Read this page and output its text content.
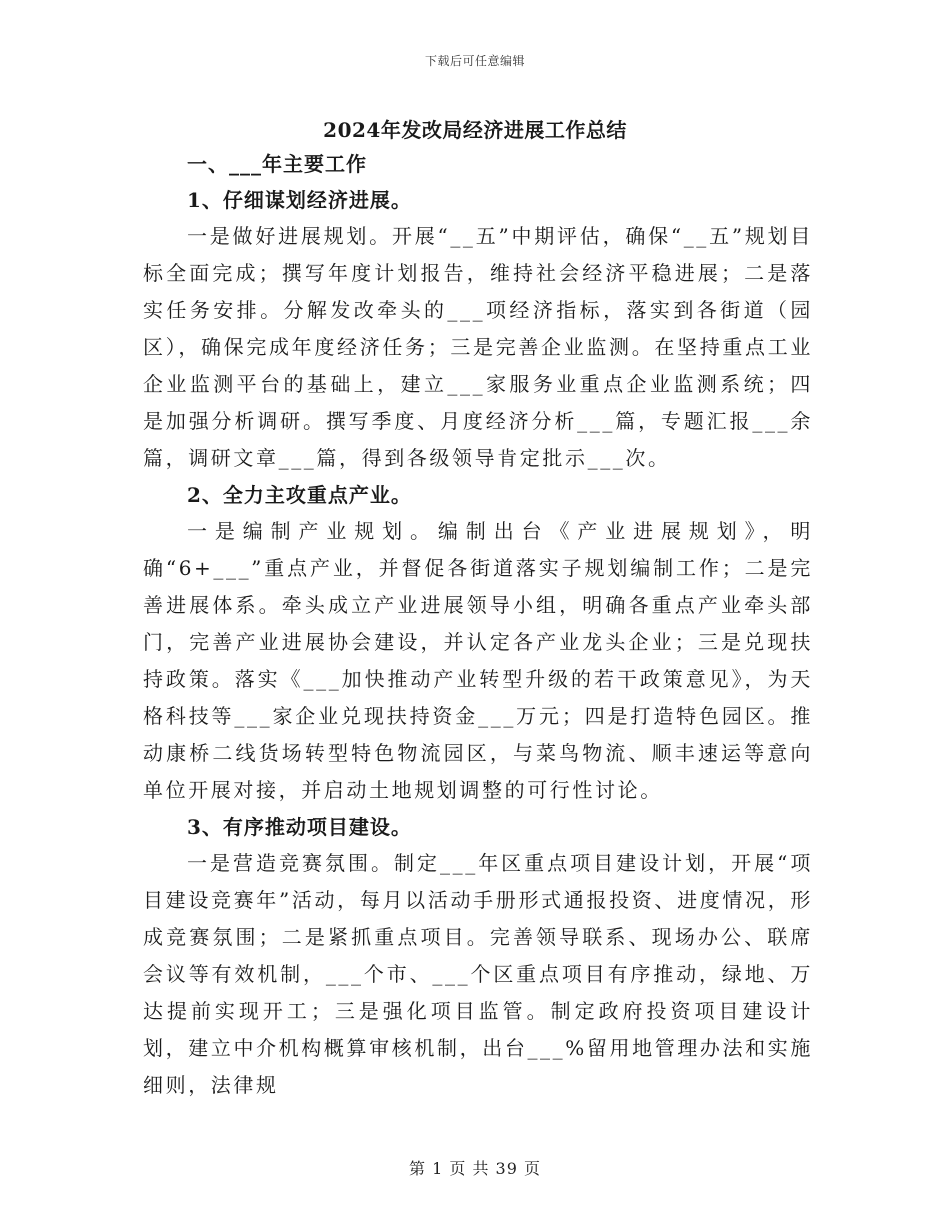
下载后可任意编辑
2024年发改局经济进展工作总结

一、___年主要工作

1、仔细谋划经济进展。

一是做好进展规划。开展“__五”中期评估，确保“__五”规划目标全面完成；撰写年度计划报告，维持社会经济平稳进展；二是落实任务安排。分解发改牵头的___项经济指标，落实到各街道（园区），确保完成年度经济任务；三是完善企业监测。在坚持重点工业企业监测平台的基础上，建立___家服务业重点企业监测系统；四是加强分析调研。撰写季度、月度经济分析___篇，专题汇报___余篇，调研文章___篇，得到各级领导肯定批示___次。

2、全力主攻重点产业。

一是编制产业规划。编制出台《产业进展规划》，明确“6+___”重点产业，并督促各街道落实子规划编制工作；二是完善进展体系。牵头成立产业进展领导小组，明确各重点产业牵头部门，完善产业进展协会建设，并认定各产业龙头企业；三是兑现扶持政策。落实《___加快推动产业转型升级的若干政策意见》，为天格科技等___家企业兑现扶持资金___万元；四是打造特色园区。推动康桥二线货场转型特色物流园区，与菜鸟物流、顺丰速运等意向单位开展对接，并启动土地规划调整的可行性讨论。

3、有序推动项目建设。

一是营造竞赛氛围。制定___年区重点项目建设计划，开展“项目建设竞赛年”活动，每月以活动手册形式通报投资、进度情况，形成竞赛氛围；二是紧抓重点项目。完善领导联系、现场办公、联席会议等有效机制，___个市、___个区重点项目有序推动，绿地、万达提前实现开工；三是强化项目监管。制定政府投资项目建设计划，建立中介机构概算审核机制，出台___%留用地管理办法和实施细则，法律规

第 1 页 共 39 页
